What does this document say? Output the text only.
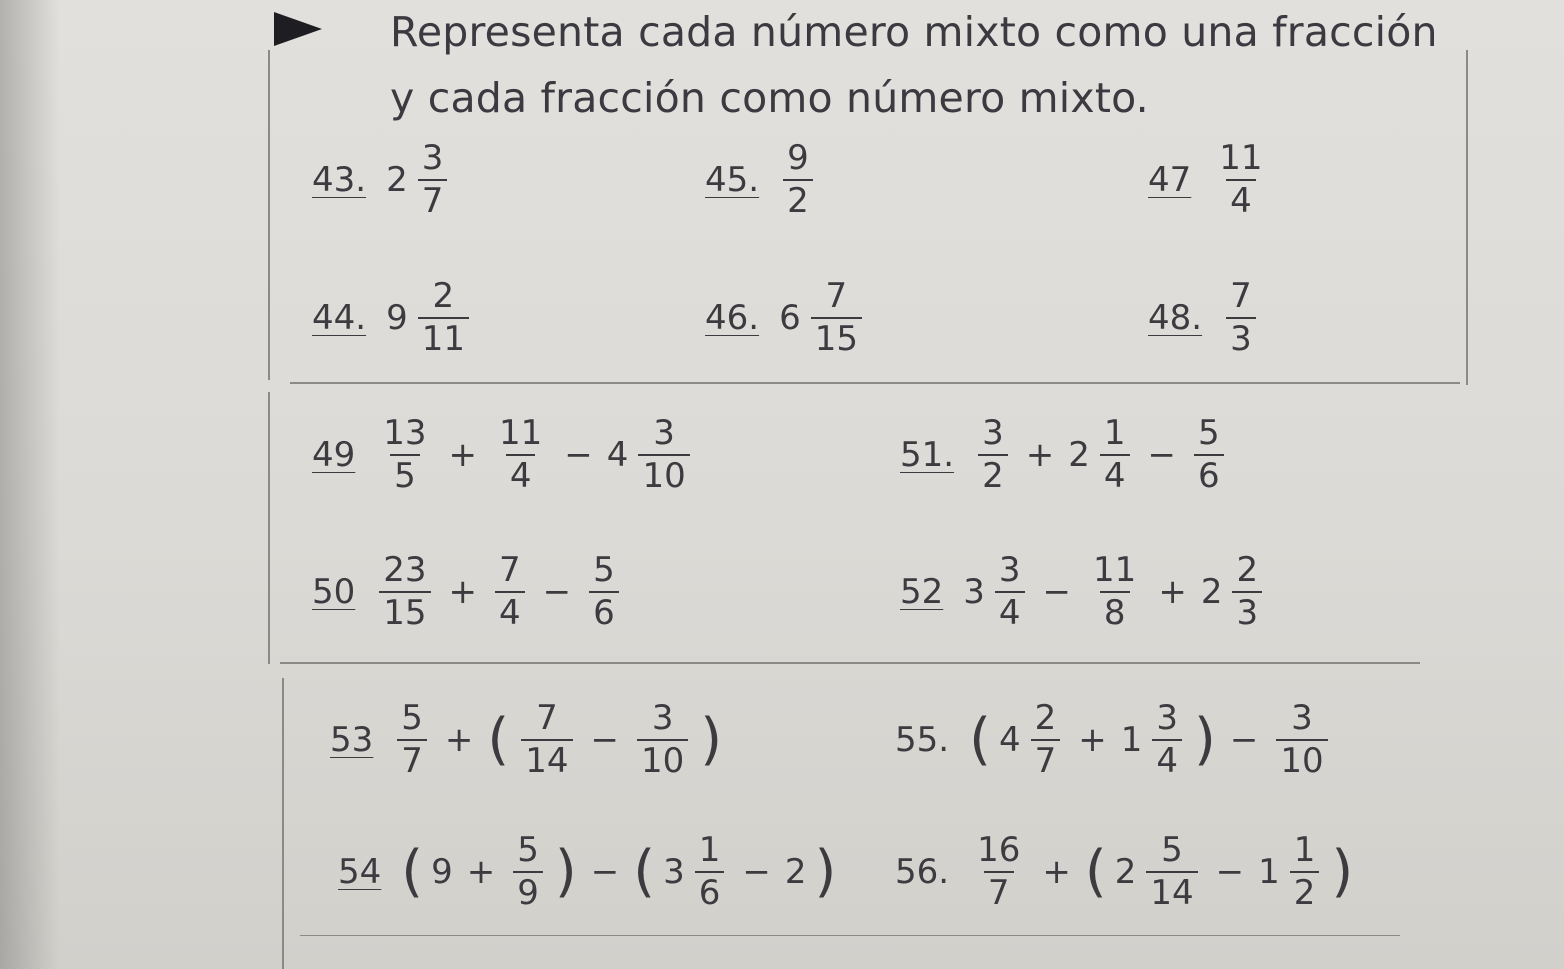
Representa cada número mixto como una fracción
y cada fracción como número mixto.
43. $2 \frac{3}{7}$	45. $\frac{9}{2}$	$47 \frac{11}{4}$
44. $9 \frac{2}{11}$	46. $6 \frac{7}{15}$	48. $\frac{7}{3}$
$49 \frac{13}{5} + \frac{11}{4} - 4 \frac{3}{10}$	51. $\frac{3}{2} + 2 \frac{1}{4} - \frac{5}{6}$
$50 \frac{23}{15} + \frac{7}{4} - \frac{5}{6}$	52 $3 \frac{3}{4} - \frac{11}{8} + 2 \frac{2}{3}$
$53 \frac{5}{7}$ + ( $\frac{7}{14} - \frac{3}{10}$ )	55. ( $4 \frac{2}{7} + 1 \frac{3}{4}$ ) − $\frac{3}{10}$
54 ( $9 + \frac{5}{9}$ ) − ( $3 \frac{1}{6} - 2$ ) 56. $\frac{16}{7}$ + ( $2 \frac{5}{14} - 1 \frac{1}{2}$ )
